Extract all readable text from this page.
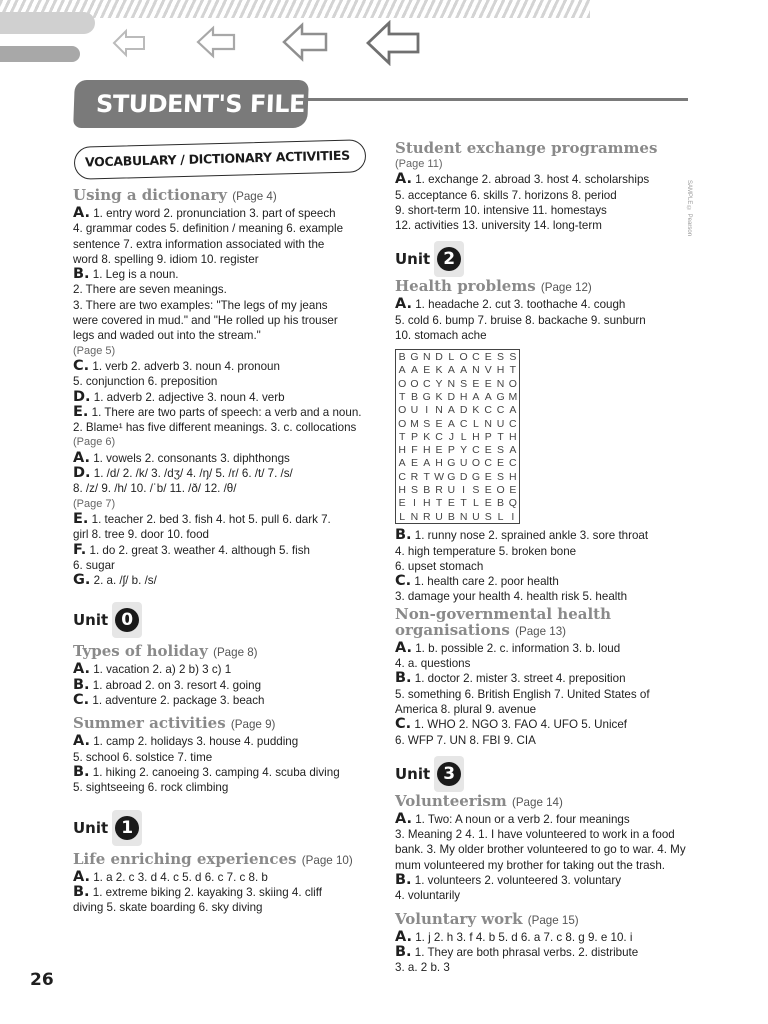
STUDENT'S FILE
VOCABULARY / DICTIONARY ACTIVITIES
SAMPLE © Pearson

Using a dictionary (Page 4)

A. 1. entry word 2. pronunciation 3. part of speech

4. grammar codes 5. definition / meaning 6. example

sentence 7. extra information associated with the

word 8. spelling 9. idiom 10. register

B. 1. Leg is a noun.

2. There are seven meanings.

3. There are two examples: "The legs of my jeans

were covered in mud." and "He rolled up his trouser

legs and waded out into the stream."

(Page 5)

C. 1. verb 2. adverb 3. noun 4. pronoun

5. conjunction 6. preposition

D. 1. adverb 2. adjective 3. noun 4. verb

E. 1. There are two parts of speech: a verb and a noun.

2. Blame¹ has five different meanings. 3. c. collocations

(Page 6)

A. 1. vowels 2. consonants 3. diphthongs

D. 1. /d/ 2. /k/ 3. /dʒ/ 4. /ŋ/ 5. /r/ 6. /t/ 7. /s/

8. /z/ 9. /h/ 10. /ˈb/ 11. /ð/ 12. /θ/

(Page 7)

E. 1. teacher 2. bed 3. fish 4. hot 5. pull 6. dark 7.

girl 8. tree 9. door 10. food

F. 1. do 2. great 3. weather 4. although 5. fish

6. sugar

G. 2. a. /ʃ/ b. /s/

Unit 0

Types of holiday (Page 8)

A. 1. vacation 2. a) 2 b) 3 c) 1

B. 1. abroad 2. on 3. resort 4. going

C. 1. adventure 2. package 3. beach

Summer activities (Page 9)

A. 1. camp 2. holidays 3. house 4. pudding

5. school 6. solstice 7. time

B. 1. hiking 2. canoeing 3. camping 4. scuba diving

5. sightseeing 6. rock climbing

Unit 1

Life enriching experiences (Page 10)

A. 1. a 2. c 3. d 4. c 5. d 6. c 7. c 8. b

B. 1. extreme biking 2. kayaking 3. skiing 4. cliff

diving 5. skate boarding 6. sky diving

Student exchange programmes

(Page 11)

A. 1. exchange 2. abroad 3. host 4. scholarships

5. acceptance 6. skills 7. horizons 8. period

9. short-term 10. intensive 11. homestays

12. activities 13. university 14. long-term

Unit 2

Health problems (Page 12)

A. 1. headache 2. cut 3. toothache 4. cough

5. cold 6. bump 7. bruise 8. backache 9. sunburn

10. stomach ache

B	G	N	D	L	O	C	E	S	S
A	A	E	K	A	A	N	V	H	T
O	O	C	Y	N	S	E	E	N	O
T	B	G	K	D	H	A	A	G	M
O	U	I	N	A	D	K	C	C	A
O	M	S	E	A	C	L	N	U	C
T	P	K	C	J	L	H	P	T	H
H	F	H	E	P	Y	C	E	S	A
A	E	A	H	G	U	O	C	E	C
C	R	T	W	G	D	G	E	S	H
H	S	B	R	U	I	S	E	O	E
E	I	H	T	E	T	L	E	B	Q
L	N	R	U	B	N	U	S	L	I

B. 1. runny nose 2. sprained ankle 3. sore throat

4. high temperature 5. broken bone

6. upset stomach

C. 1. health care 2. poor health

3. damage your health 4. health risk 5. health

Non-governmental health

organisations (Page 13)

A. 1. b. possible 2. c. information 3. b. loud

4. a. questions

B. 1. doctor 2. mister 3. street 4. preposition

5. something 6. British English 7. United States of

America 8. plural 9. avenue

C. 1. WHO 2. NGO 3. FAO 4. UFO 5. Unicef

6. WFP 7. UN 8. FBI 9. CIA

Unit 3

Volunteerism (Page 14)

A. 1. Two: A noun or a verb 2. four meanings

3. Meaning 2 4. 1. I have volunteered to work in a food

bank. 3. My older brother volunteered to go to war. 4. My

mum volunteered my brother for taking out the trash.

B. 1. volunteers 2. volunteered 3. voluntary

4. voluntarily

Voluntary work (Page 15)

A. 1. j 2. h 3. f 4. b 5. d 6. a 7. c 8. g 9. e 10. i

B. 1. They are both phrasal verbs. 2. distribute

3. a. 2 b. 3

26
